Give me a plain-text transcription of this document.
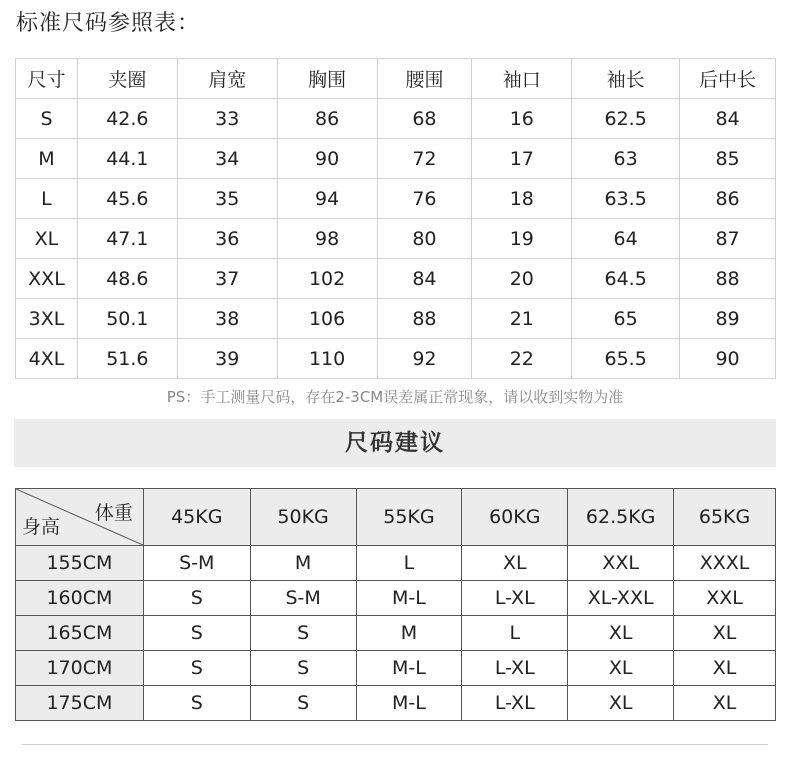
标准尺码参照表：
尺寸	夹圈	肩宽	胸围	腰围	袖口	袖长	后中长
S	42.6	33	86	68	16	62.5	84
M	44.1	34	90	72	17	63	85
L	45.6	35	94	76	18	63.5	86
XL	47.1	36	98	80	19	64	87
XXL	48.6	37	102	84	20	64.5	88
3XL	50.1	38	106	88	21	65	89
4XL	51.6	39	110	92	22	65.5	90
PS：手工测量尺码，存在2-3CM误差属正常现象，请以收到实物为准
尺码建议
体重
身高	45KG	50KG	55KG	60KG	62.5KG	65KG
155CM	S-M	M	L	XL	XXL	XXXL
160CM	S	S-M	M-L	L-XL	XL-XXL	XXL
165CM	S	S	M	L	XL	XL
170CM	S	S	M-L	L-XL	XL	XL
175CM	S	S	M-L	L-XL	XL	XL
